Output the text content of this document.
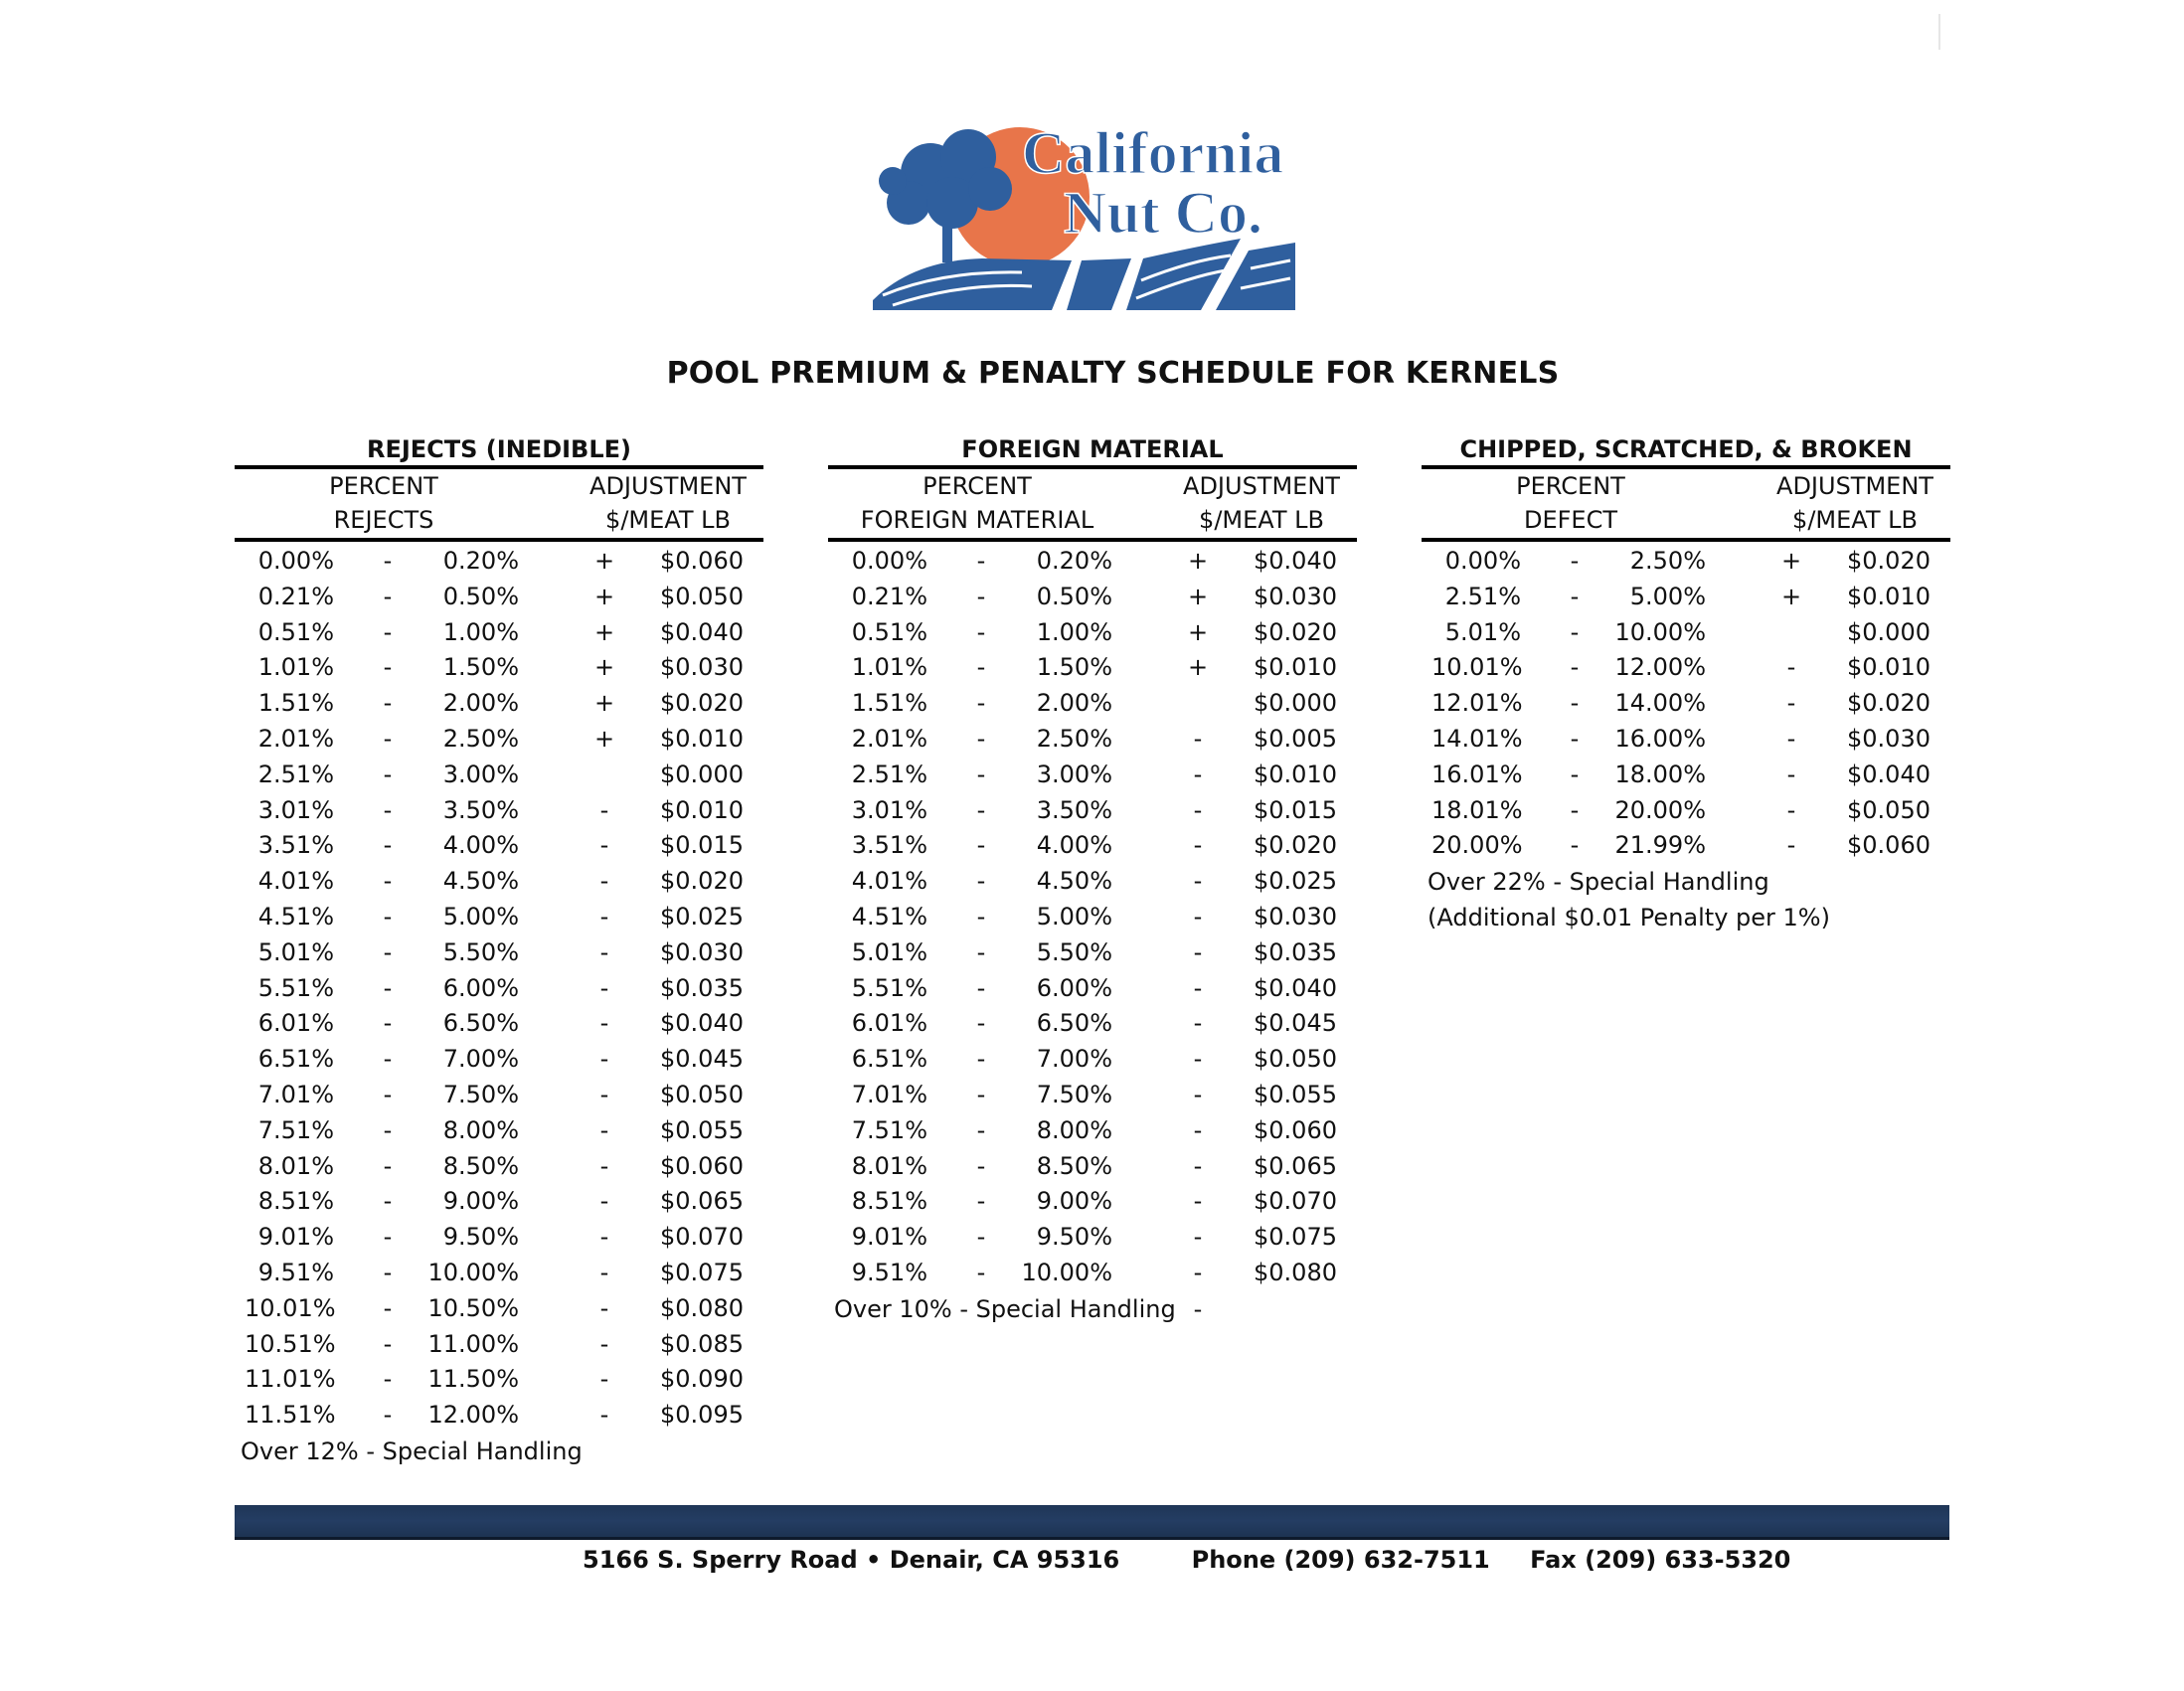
California
Nut Co.
POOL PREMIUM & PENALTY SCHEDULE FOR KERNELS
REJECTS (INEDIBLE)
PERCENT
REJECTS
ADJUSTMENT
$/MEAT LB
0.00% -	0.20%	+	$0.060
0.21% -	0.50%	+	$0.050
0.51% -	1.00%	+	$0.040
1.01% -	1.50%	+	$0.030
1.51% -	2.00%	+	$0.020
2.01% -	2.50%	+	$0.010
2.51% -	3.00%	$0.000
3.01% -	3.50%	-	$0.010
3.51% -	4.00%	-	$0.015
4.01% -	4.50%	-	$0.020
4.51% -	5.00%	-	$0.025
5.01% -	5.50%	-	$0.030
5.51% -	6.00%	-	$0.035
6.01% -	6.50%	-	$0.040
6.51% -	7.00%	-	$0.045
7.01% -	7.50%	-	$0.050
7.51% -	8.00%	-	$0.055
8.01% -	8.50%	-	$0.060
8.51% -	9.00%	-	$0.065
9.01% -	9.50%	-	$0.070
9.51% -	10.00%	-	$0.075
10.01% -	10.50%	-	$0.080
10.51% -	11.00%	-	$0.085
11.01% -	11.50%	-	$0.090
11.51% -	12.00%	-	$0.095
Over 12% - Special Handling
FOREIGN MATERIAL
PERCENT
FOREIGN MATERIAL
ADJUSTMENT
$/MEAT LB
0.00% -	0.20%	+	$0.040
0.21% -	0.50%	+	$0.030
0.51% -	1.00%	+	$0.020
1.01% -	1.50%	+	$0.010
1.51% -	2.00%	$0.000
2.01% -	2.50%	-	$0.005
2.51% -	3.00%	-	$0.010
3.01% -	3.50%	-	$0.015
3.51% -	4.00%	-	$0.020
4.01% -	4.50%	-	$0.025
4.51% -	5.00%	-	$0.030
5.01% -	5.50%	-	$0.035
5.51% -	6.00%	-	$0.040
6.01% -	6.50%	-	$0.045
6.51% -	7.00%	-	$0.050
7.01% -	7.50%	-	$0.055
7.51% -	8.00%	-	$0.060
8.01% -	8.50%	-	$0.065
8.51% -	9.00%	-	$0.070
9.01% -	9.50%	-	$0.075
9.51% -	10.00%	-	$0.080
Over 10% - Special Handling -
CHIPPED, SCRATCHED, & BROKEN
PERCENT
DEFECT
ADJUSTMENT
$/MEAT LB
0.00% -	2.50%	+	$0.020
2.51% -	5.00%	+	$0.010
5.01% -	10.00%	$0.000
10.01% -	12.00%	-	$0.010
12.01% -	14.00%	-	$0.020
14.01% -	16.00%	-	$0.030
16.01% -	18.00%	-	$0.040
18.01% -	20.00%	-	$0.050
20.00% -	21.99%	-	$0.060
Over 22% - Special Handling
(Additional $0.01 Penalty per 1%)
5166 S. Sperry Road • Denair, CA 95316	Phone (209) 632-7511 Fax (209) 633-5320
